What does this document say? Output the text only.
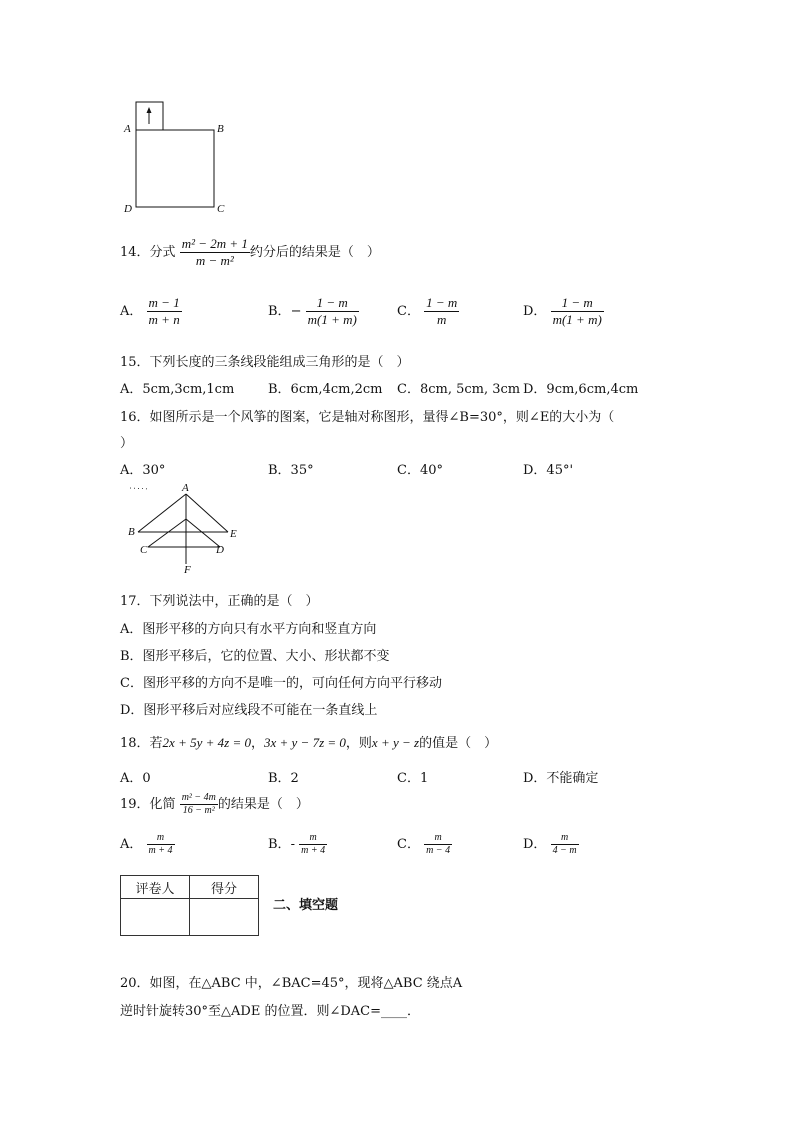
A	B
C
D
14．分式 $\frac{\text{m² − 2m + 1}}{\text{m − m²}}$ 约分后的结果是（　）
A． $\frac{m - 1}{m + n}$	B．− $\frac{1 - m}{m(1 + m)}$	C． $\frac{1 - m}{m}$	D． $\frac{1 - m}{m(1 + m)}$
15．下列长度的三条线段能组成三角形的是（　）
A．5cm,3cm,1cm	B．6cm,4cm,2cm C．8cm, 5cm, 3cm D．9cm,6cm,4cm
16．如图所示是一个风筝的图案，它是轴对称图形，量得∠B=30°，则∠E的大小为（
）
A．30°	B．35°	C．40°	D．45°'
A
B
C	D
E
F
17．下列说法中，正确的是（　）
A．图形平移的方向只有水平方向和竖直方向
B．图形平移后，它的位置、大小、形状都不变
C．图形平移的方向不是唯一的，可向任何方向平行移动
D．图形平移后对应线段不可能在一条直线上
18．若2x + 5y + 4z = 0，3x + y − 7z = 0，则x + y − z的值是（　）
A．0	B．2	C．1	D．不能确定
19．化简 $\frac{\text{m² − 4m}}{\text{16 − m²}}$ 的结果是（　）
A． $\frac{m}{m + 4}$	B．- $\frac{m}{m + 4}$	C． $\frac{m}{m - 4}$	D． $\frac{m}{4 - m}$
评卷人	得分

二、填空题
20．如图，在△ABC 中，∠BAC=45°，现将△ABC 绕点A
逆时针旋转30°至△ADE 的位置．则∠DAC=____．
